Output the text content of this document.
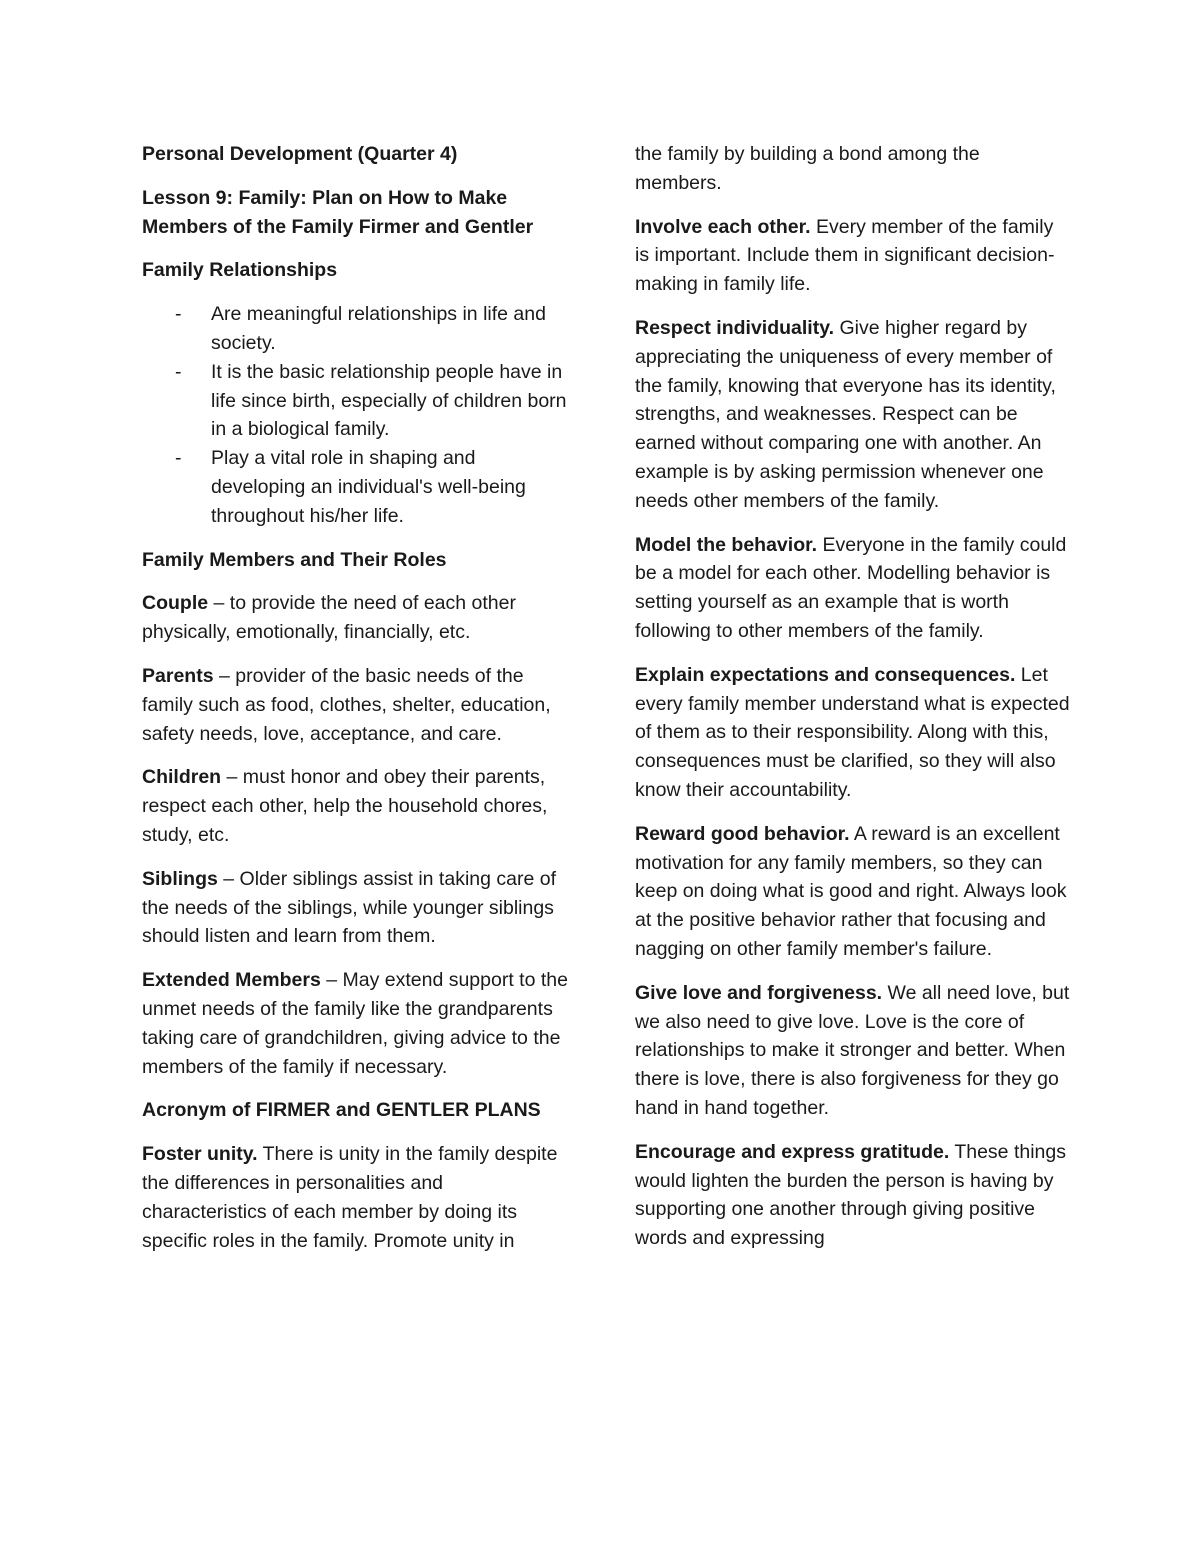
Personal Development (Quarter 4)

Lesson 9: Family: Plan on How to Make Members of the Family Firmer and Gentler

Family Relationships

- Are meaningful relationships in life and society.
- It is the basic relationship people have in life since birth, especially of children born in a biological family.
- Play a vital role in shaping and developing an individual's well-being throughout his/her life.

Family Members and Their Roles

Couple – to provide the need of each other physically, emotionally, financially, etc.

Parents – provider of the basic needs of the family such as food, clothes, shelter, education, safety needs, love, acceptance, and care.

Children – must honor and obey their parents, respect each other, help the household chores, study, etc.

Siblings – Older siblings assist in taking care of the needs of the siblings, while younger siblings should listen and learn from them.

Extended Members – May extend support to the unmet needs of the family like the grandparents taking care of grandchildren, giving advice to the members of the family if necessary.

Acronym of FIRMER and GENTLER PLANS

Foster unity. There is unity in the family despite the differences in personalities and characteristics of each member by doing its specific roles in the family. Promote unity in

the family by building a bond among the members.

Involve each other. Every member of the family is important. Include them in significant decision-making in family life.

Respect individuality. Give higher regard by appreciating the uniqueness of every member of the family, knowing that everyone has its identity, strengths, and weaknesses. Respect can be earned without comparing one with another. An example is by asking permission whenever one needs other members of the family.

Model the behavior. Everyone in the family could be a model for each other. Modelling behavior is setting yourself as an example that is worth following to other members of the family.

Explain expectations and consequences. Let every family member understand what is expected of them as to their responsibility. Along with this, consequences must be clarified, so they will also know their accountability.

Reward good behavior. A reward is an excellent motivation for any family members, so they can keep on doing what is good and right. Always look at the positive behavior rather that focusing and nagging on other family member's failure.

Give love and forgiveness. We all need love, but we also need to give love. Love is the core of relationships to make it stronger and better. When there is love, there is also forgiveness for they go hand in hand together.

Encourage and express gratitude. These things would lighten the burden the person is having by supporting one another through giving positive words and expressing
